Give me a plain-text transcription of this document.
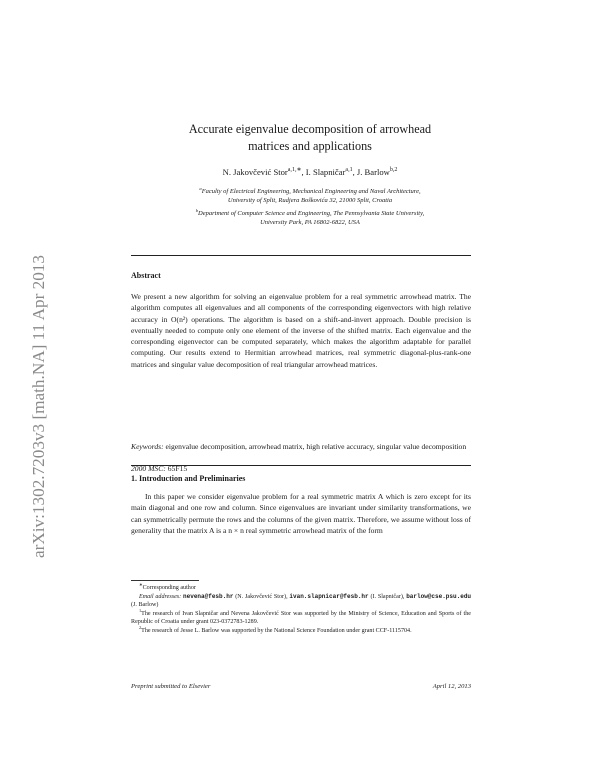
arXiv:1302.7203v3 [math.NA] 11 Apr 2013
Accurate eigenvalue decomposition of arrowhead
matrices and applications
N. Jakovčević Stor$^{a,1,∗}$, I. Slapničar$^{a,1}$, J. Barlow$^{b,2}$
$^a$Faculty of Electrical Engineering, Mechanical Engineering and Naval Architecture,
University of Split, Rudjera Boškovića 32, 21000 Split, Croatia
$^b$Department of Computer Science and Engineering, The Pennsylvania State University,
University Park, PA 16802-6822, USA
Abstract
We present a new algorithm for solving an eigenvalue problem for a real symmetric arrowhead matrix. The algorithm computes all eigenvalues and all components of the corresponding eigenvectors with high relative accuracy in O(n²) operations. The algorithm is based on a shift-and-invert approach. Double precision is eventually needed to compute only one element of the inverse of the shifted matrix. Each eigenvalue and the corresponding eigenvector can be computed separately, which makes the algorithm adaptable for parallel computing. Our results extend to Hermitian arrowhead matrices, real symmetric diagonal-plus-rank-one matrices and singular value decomposition of real triangular arrowhead matrices.
Keywords: eigenvalue decomposition, arrowhead matrix, high relative accuracy, singular value decomposition
2000 MSC: 65F15
1. Introduction and Preliminaries
In this paper we consider eigenvalue problem for a real symmetric matrix A which is zero except for its main diagonal and one row and column. Since eigenvalues are invariant under similarity transformations, we can symmetrically permute the rows and the columns of the given matrix. Therefore, we assume without loss of generality that the matrix A is a n × n real symmetric arrowhead matrix of the form

∗Corresponding author

Email addresses: nevena@fesb.hr (N. Jakovčević Stor), ivan.slapnicar@fesb.hr (I. Slapničar), barlow@cse.psu.edu (J. Barlow)

$^1$The research of Ivan Slapničar and Nevena Jakovčević Stor was supported by the Ministry of Science, Education and Sports of the Republic of Croatia under grant 023-0372783-1289.

$^2$The research of Jesse L. Barlow was supported by the National Science Foundation under grant CCF-1115704.

Preprint submitted to Elsevier	April 12, 2013
